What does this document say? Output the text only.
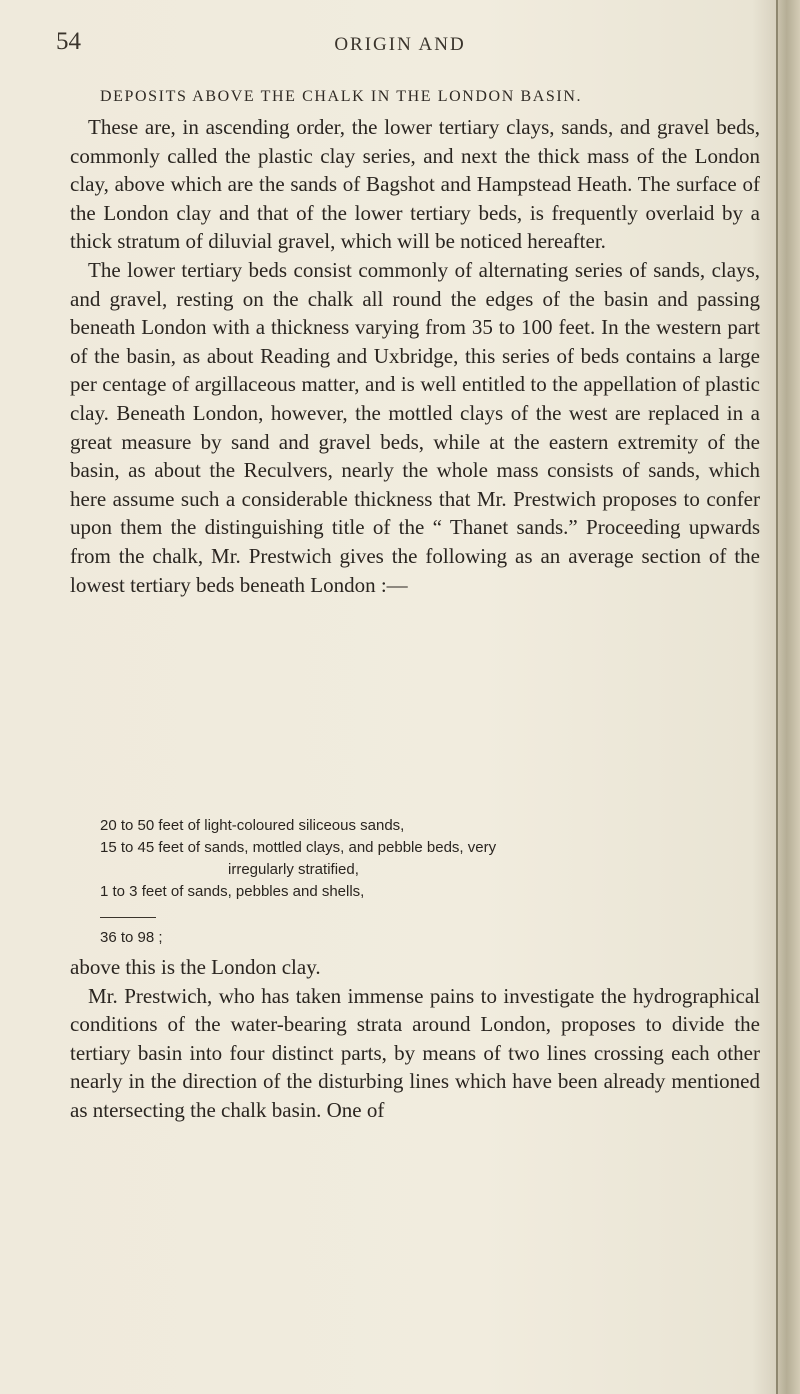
54	ORIGIN AND
DEPOSITS ABOVE THE CHALK IN THE LONDON BASIN.

These are, in ascending order, the lower tertiary clays, sands, and gravel beds, commonly called the plastic clay series, and next the thick mass of the London clay, above which are the sands of Bagshot and Hampstead Heath. The surface of the London clay and that of the lower tertiary beds, is frequently overlaid by a thick stratum of diluvial gravel, which will be noticed hereafter.

The lower tertiary beds consist commonly of alternating series of sands, clays, and gravel, resting on the chalk all round the edges of the basin and passing beneath London with a thickness varying from 35 to 100 feet. In the western part of the basin, as about Reading and Uxbridge, this series of beds contains a large per centage of argillaceous matter, and is well entitled to the appellation of plastic clay. Beneath London, however, the mottled clays of the west are replaced in a great measure by sand and gravel beds, while at the eastern extremity of the basin, as about the Reculvers, nearly the whole mass consists of sands, which here assume such a considerable thickness that Mr. Prestwich proposes to confer upon them the distinguishing title of the “ Thanet sands.” Proceeding upwards from the chalk, Mr. Prestwich gives the following as an average section of the lowest tertiary beds beneath London :—

20 to 50 feet of light-coloured siliceous sands,
15 to 45 feet of sands, mottled clays, and pebble beds, very
irregularly stratified,
1 to 3 feet of sands, pebbles and shells,
36 to 98 ;

above this is the London clay.

Mr. Prestwich, who has taken immense pains to investigate the hydrographical conditions of the water-bearing strata around London, proposes to divide the tertiary basin into four distinct parts, by means of two lines crossing each other nearly in the direction of the disturbing lines which have been already mentioned as ntersecting the chalk basin. One of
